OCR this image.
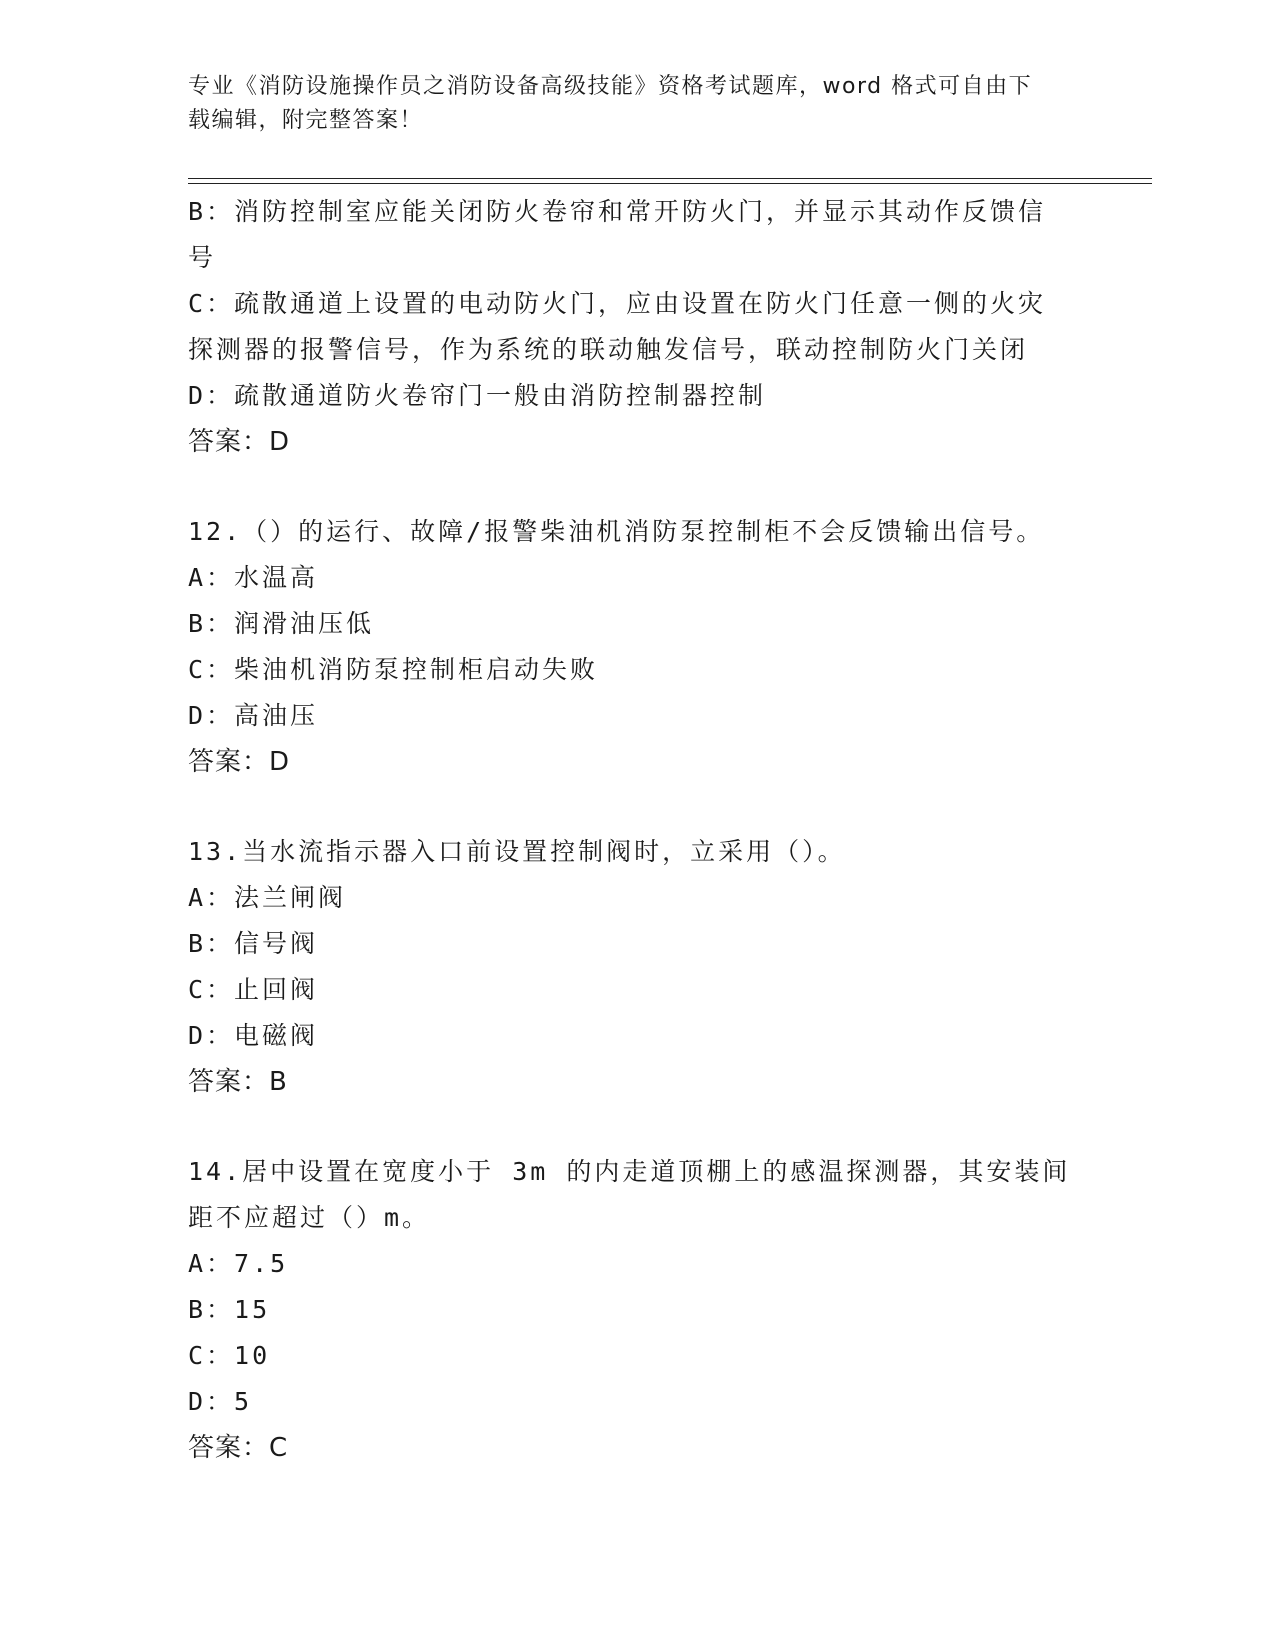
专业《消防设施操作员之消防设备高级技能》资格考试题库，word 格式可自由下
载编辑，附完整答案！
B：消防控制室应能关闭防火卷帘和常开防火门，并显示其动作反馈信
号
C：疏散通道上设置的电动防火门，应由设置在防火门任意一侧的火灾
探测器的报警信号，作为系统的联动触发信号，联动控制防火门关闭
D：疏散通道防火卷帘门一般由消防控制器控制
答案：D
12.（）的运行、故障/报警柴油机消防泵控制柜不会反馈输出信号。
A：水温高
B：润滑油压低
C：柴油机消防泵控制柜启动失败
D：高油压
答案：D
13.当水流指示器入口前设置控制阀时，立采用（）。
A：法兰闸阀
B：信号阀
C：止回阀
D：电磁阀
答案：B
14.居中设置在宽度小于 3m 的内走道顶棚上的感温探测器，其安装间
距不应超过（）m。
A：7.5
B：15
C：10
D：5
答案：C
